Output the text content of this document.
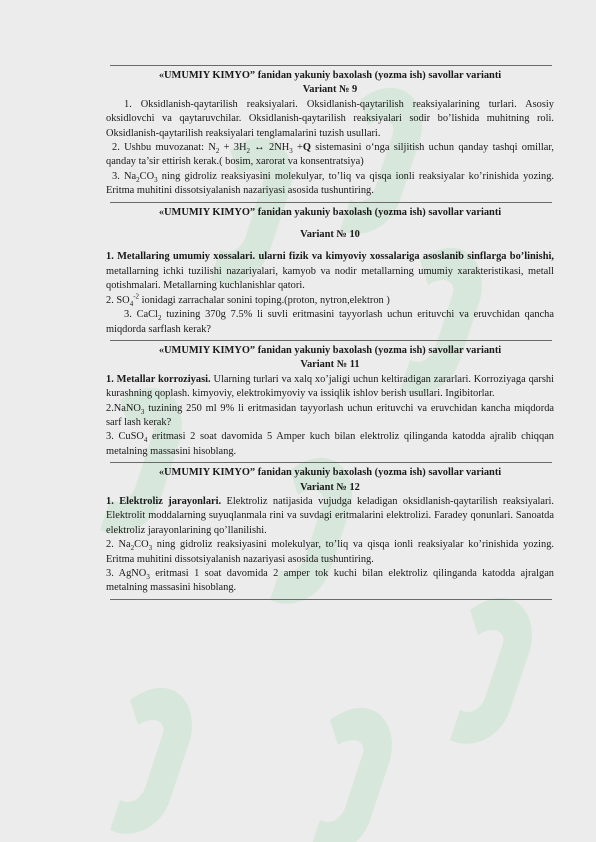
«UMUMIY KIMYO” fanidan yakuniy baxolash (yozma ish) savollar varianti
Variant № 9
1. Oksidlanish-qaytarilish reaksiyalari. Oksidlanish-qaytarilish reaksiyalarining turlari. Asosiy oksidlovchi va qaytaruvchilar. Oksidlanish-qaytarilish reaksiyalari sodir bo’lishida muhitning roli. Oksidlanish-qaytarilish reaksiyalari tenglamalarini tuzish usullari.
2. Ushbu muvozanat: $N_2 + 3H_2$ ↔ $2NH_3 +Q$ sistemasini o‘nga siljitish uchun qanday tashqi omillar, qanday ta’sir ettirish kerak.( bosim, xarorat va konsentratsiya)
3. $Na_2CO_3$ ning gidroliz reaksiyasini molekulyar, to’liq va qisqa ionli reaksiyalar ko’rinishida yozing. Eritma muhitini dissotsiyalanish nazariyasi asosida tushuntiring.
«UMUMIY KIMYO” fanidan yakuniy baxolash (yozma ish) savollar varianti
Variant № 10
1. Metallaring umumiy xossalari. ularni fizik va kimyoviy xossalariga asoslanib sinflarga bo’linishi, metallarning ichki tuzilishi nazariyalari, kamyob va nodir metallarning umumiy xarakteristikasi, metall qotishmalari. Metallarning kuchlanishlar qatori.
2. $SO_4^{-2}$ ionidagi zarrachalar sonini toping.(proton, nytron,elektron )
3. CaCl$_2$ tuzining 370g 7.5% li suvli eritmasini tayyorlash uchun erituvchi va eruvchidan qancha miqdorda sarflash kerak?
«UMUMIY KIMYO” fanidan yakuniy baxolash (yozma ish) savollar varianti
Variant № 11
1. Metallar korroziyasi. Ularning turlari va xalq xo’jaligi uchun keltiradigan zararlari. Korroziyaga qarshi kurashning qoplash. kimyoviy, elektrokimyoviy va issiqlik ishlov berish usullari. Ingibitorlar.
2.NaNO$_3$ tuzining 250 ml 9% li eritmasidan tayyorlash uchun erituvchi va eruvchidan kancha miqdorda sarf lash kerak?
3. CuSO$_4$ eritmasi 2 soat davomida 5 Amper kuch bilan elektroliz qilinganda katodda ajralib chiqqan metalning massasini hisoblang.
«UMUMIY KIMYO” fanidan yakuniy baxolash (yozma ish) savollar varianti
Variant № 12
1. Elektroliz jarayonlari. Elektroliz natijasida vujudga keladigan oksidlanish-qaytarilish reaksiyalari. Elektrolit moddalarning suyuqlanmala rini va suvdagi eritmalarini elektrolizi. Faradey qonunlari. Sanoatda elektroliz jarayonlarining qo’llanilishi.
2. $Na_2CO_3$ ning gidroliz reaksiyasini molekulyar, to’liq va qisqa ionli reaksiyalar ko’rinishida yozing. Eritma muhitini dissotsiyalanish nazariyasi asosida tushuntiring.
3. AgNO$_3$ eritmasi 1 soat davomida 2 amper tok kuchi bilan elektroliz qilinganda katodda ajralgan metalning massasini hisoblang.
